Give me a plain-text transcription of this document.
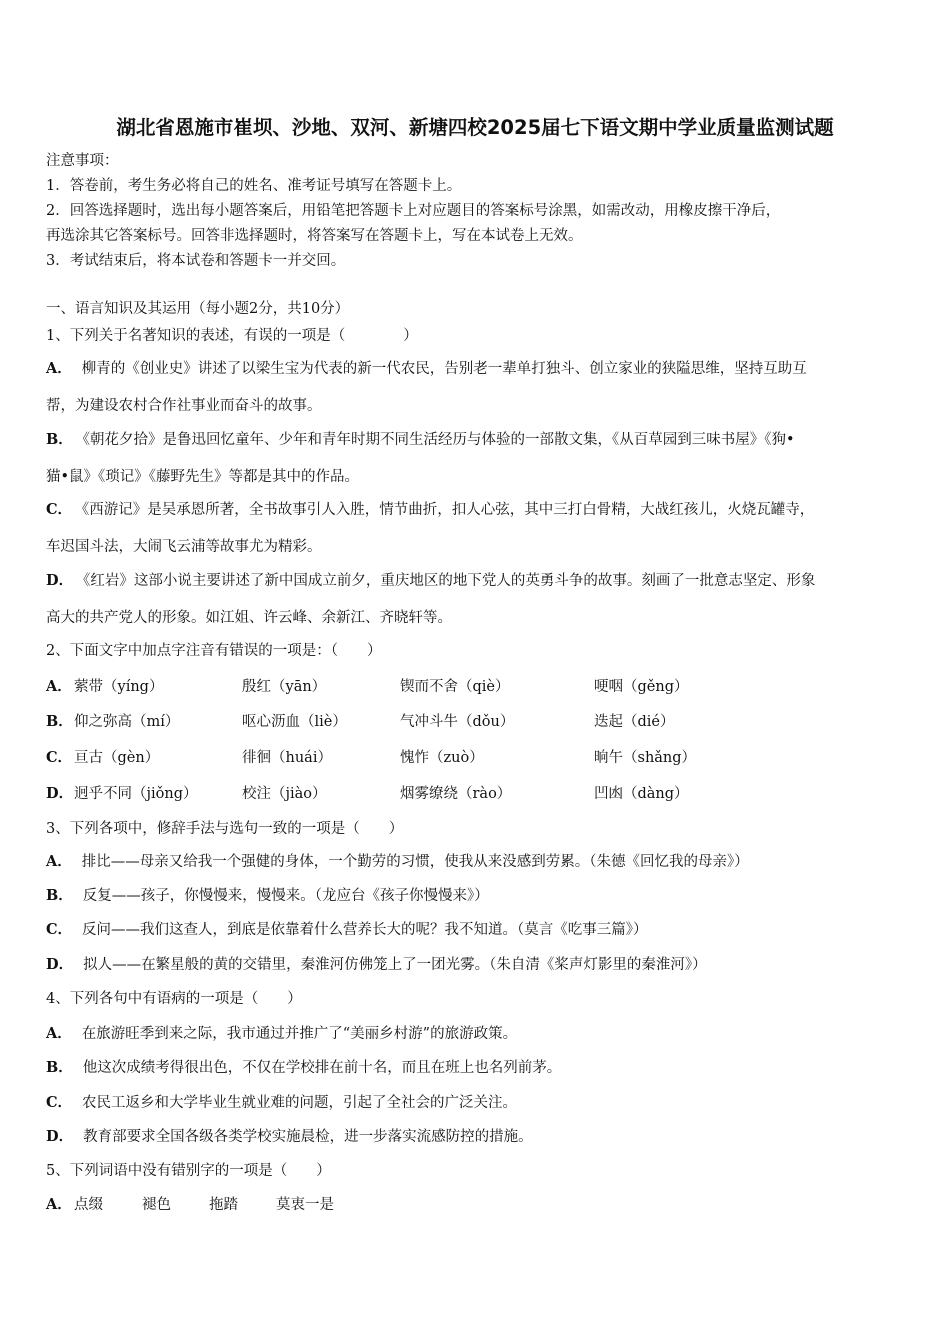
湖北省恩施市崔坝、沙地、双河、新塘四校2025届七下语文期中学业质量监测试题
注意事项：
1．答卷前，考生务必将自己的姓名、准考证号填写在答题卡上。
2．回答选择题时，选出每小题答案后，用铅笔把答题卡上对应题目的答案标号涂黑，如需改动，用橡皮擦干净后，
再选涂其它答案标号。回答非选择题时，将答案写在答题卡上，写在本试卷上无效。
3．考试结束后，将本试卷和答题卡一并交回。
一、语言知识及其运用（每小题2分，共10分）
1、下列关于名著知识的表述，有误的一项是（　　　　）
A． 柳青的《创业史》讲述了以梁生宝为代表的新一代农民，告别老一辈单打独斗、创立家业的狭隘思维，坚持互助互
帮，为建设农村合作社事业而奋斗的故事。
B． 《朝花夕拾》是鲁迅回忆童年、少年和青年时期不同生活经历与体验的一部散文集，《从百草园到三味书屋》《狗•
猫•鼠》《琐记》《藤野先生》等都是其中的作品。
C． 《西游记》是吴承恩所著，全书故事引人入胜，情节曲折，扣人心弦，其中三打白骨精，大战红孩儿，火烧瓦罐寺，
车迟国斗法，大闹飞云浦等故事尤为精彩。
D． 《红岩》这部小说主要讲述了新中国成立前夕，重庆地区的地下党人的英勇斗争的故事。刻画了一批意志坚定、形象
高大的共产党人的形象。如江姐、许云峰、余新江、齐晓轩等。
2、下面文字中加点字注音有错误的一项是：（　　）
A． 萦带（yíng）	殷红（yān）	锲而不舍（qiè）	哽咽（gěng）
B． 仰之弥高（mí）	呕心沥血（liè）	气冲斗牛（dǒu）	迭起（dié）
C． 亘古（gèn）	徘徊（huái）	愧怍（zuò）	晌午（shǎng）
D． 迥乎不同（jiǒng）	校注（jiào）	烟雾缭绕（rào）	凹凼（dàng）
3、下列各项中，修辞手法与选句一致的一项是（　　）
A． 排比——母亲又给我一个强健的身体，一个勤劳的习惯，使我从来没感到劳累。（朱德《回忆我的母亲》）
B． 反复——孩子，你慢慢来，慢慢来。（龙应台《孩子你慢慢来》）
C． 反问——我们这查人，到底是依靠着什么营养长大的呢？我不知道。（莫言《吃事三篇》）
D． 拟人——在繁星般的黄的交错里，秦淮河仿佛笼上了一团光雾。（朱自清《桨声灯影里的秦淮河》）
4、下列各句中有语病的一项是（　　）
A． 在旅游旺季到来之际，我市通过并推广了“美丽乡村游”的旅游政策。
B． 他这次成绩考得很出色，不仅在学校排在前十名，而且在班上也名列前茅。
C． 农民工返乡和大学毕业生就业难的问题，引起了全社会的广泛关注。
D． 教育部要求全国各级各类学校实施晨检，进一步落实流感防控的措施。
5、下列词语中没有错别字的一项是（　　）
A． 点缀	褪色	拖踏	莫衷一是
